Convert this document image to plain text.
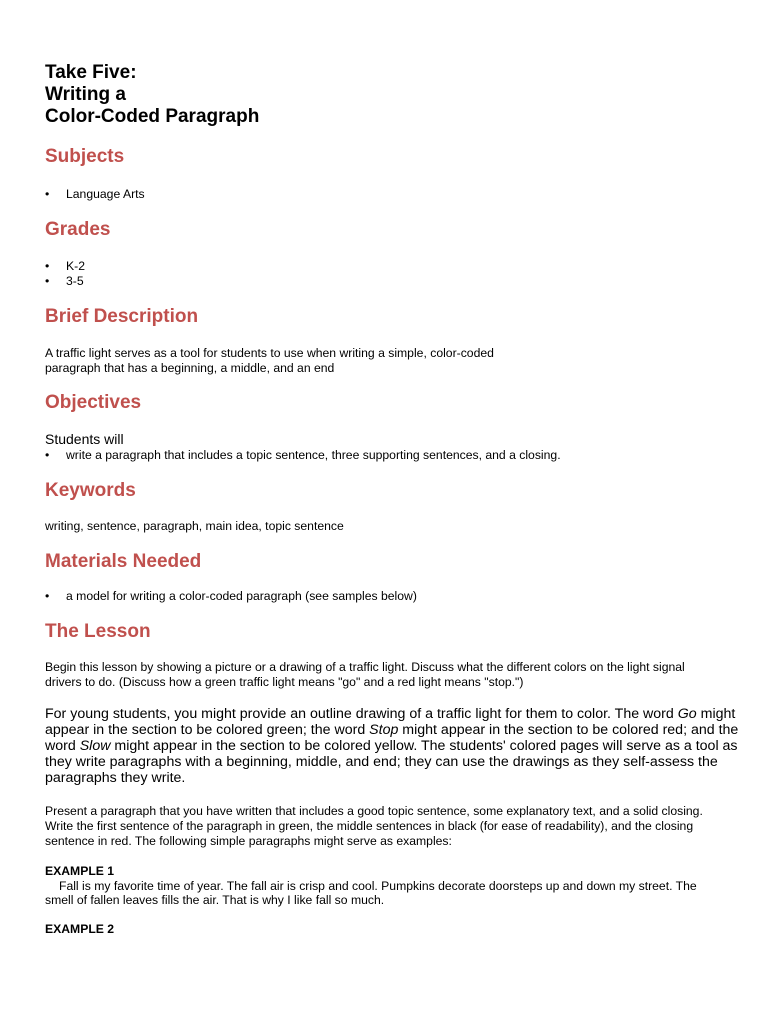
Take Five:
Writing a
Color-Coded Paragraph
Subjects
• Language Arts
Grades
• K-2
• 3-5
Brief Description
A traffic light serves as a tool for students to use when writing a simple, color-coded
paragraph that has a beginning, a middle, and an end
Objectives
Students will
• write a paragraph that includes a topic sentence, three supporting sentences, and a closing.
Keywords
writing, sentence, paragraph, main idea, topic sentence
Materials Needed
• a model for writing a color-coded paragraph (see samples below)
The Lesson
Begin this lesson by showing a picture or a drawing of a traffic light. Discuss what the different colors on the light signal
drivers to do. (Discuss how a green traffic light means "go" and a red light means "stop.")
For young students, you might provide an outline drawing of a traffic light for them to color. The word Go might
appear in the section to be colored green; the word Stop might appear in the section to be colored red; and the
word Slow might appear in the section to be colored yellow. The students' colored pages will serve as a tool as
they write paragraphs with a beginning, middle, and end; they can use the drawings as they self-assess the
paragraphs they write.
Present a paragraph that you have written that includes a good topic sentence, some explanatory text, and a solid closing.
Write the first sentence of the paragraph in green, the middle sentences in black (for ease of readability), and the closing
sentence in red. The following simple paragraphs might serve as examples:
EXAMPLE 1
Fall is my favorite time of year. The fall air is crisp and cool. Pumpkins decorate doorsteps up and down my street. The
smell of fallen leaves fills the air. That is why I like fall so much.
EXAMPLE 2
